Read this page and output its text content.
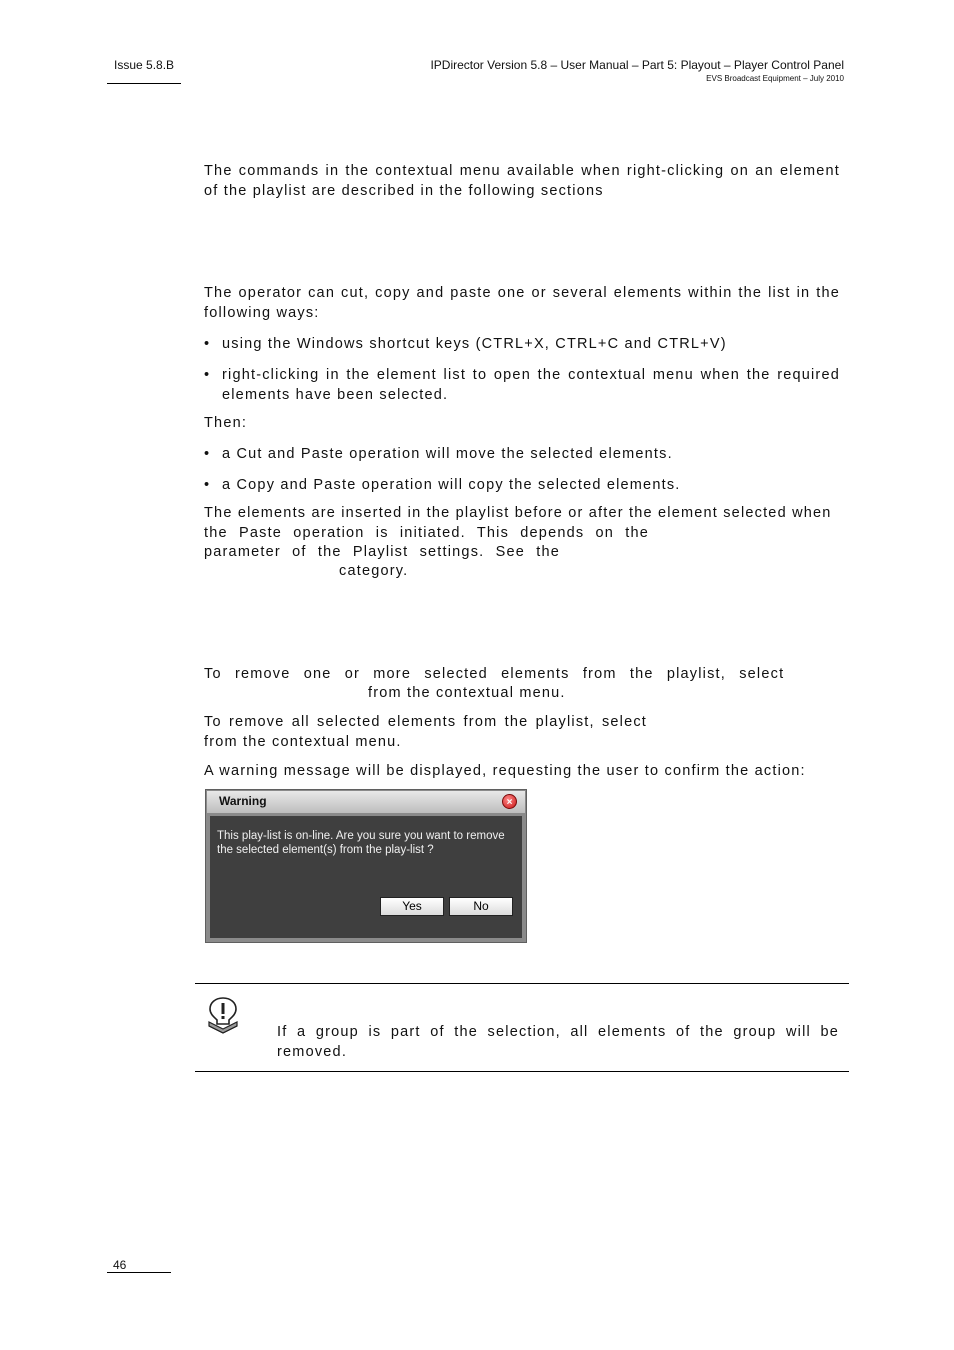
Issue 5.8.B	IPDirector Version 5.8 – User Manual – Part 5: Playout – Player Control Panel
EVS Broadcast Equipment – July 2010
The commands in the contextual menu available when right-clicking on an element of the playlist are described in the following sections
The operator can cut, copy and paste one or several elements within the list in the following ways:
• using the Windows shortcut keys (CTRL+X, CTRL+C and CTRL+V)
• right-clicking in the element list to open the contextual menu when the required elements have been selected.
Then:
• a Cut and Paste operation will move the selected elements.
• a Copy and Paste operation will copy the selected elements.
The elements are inserted in the playlist before or after the element selected when
the Paste operation is initiated. This depends on the
parameter of the Playlist settings. See the
category.
To remove one or more selected elements from the playlist, select
from the contextual menu.
To remove all selected elements from the playlist, select
from the contextual menu.
A warning message will be displayed, requesting the user to confirm the action:
Warning	×
This play-list is on-line. Are you sure you want to remove the selected element(s) from the play-list ?
Yes	No
If a group is part of the selection, all elements of the group will be removed.
46
